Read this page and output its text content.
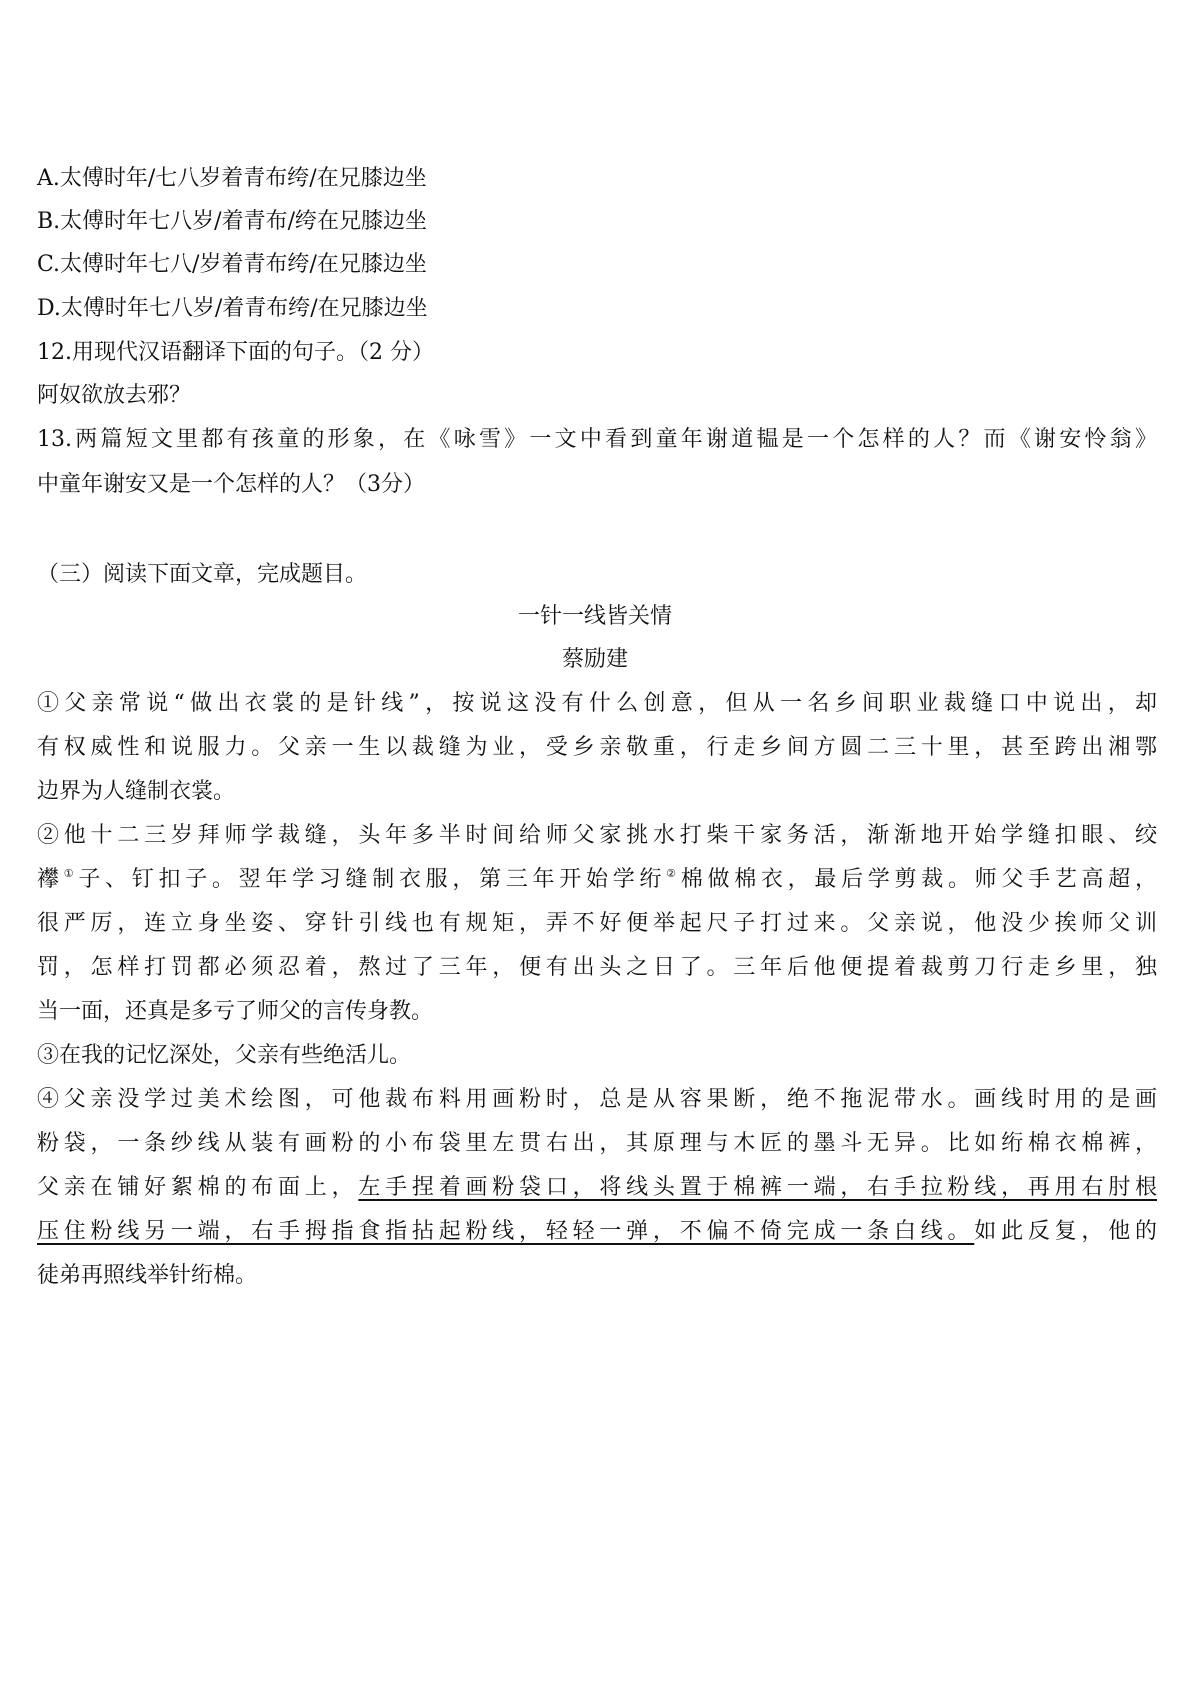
A.太傅时年/七八岁着青布绔/在兄膝边坐
B.太傅时年七八岁/着青布/绔在兄膝边坐
C.太傅时年七八/岁着青布绔/在兄膝边坐
D.太傅时年七八岁/着青布绔/在兄膝边坐
12.用现代汉语翻译下面的句子。（2 分）
阿奴欲放去邪？
13.两篇短文里都有孩童的形象，在《咏雪》一文中看到童年谢道韫是一个怎样的人？而《谢安怜翁》
中童年谢安又是一个怎样的人？（3分）
（三）阅读下面文章，完成题目。
一针一线皆关情
蔡励建
①父亲常说“做出衣裳的是针线”，按说这没有什么创意，但从一名乡间职业裁缝口中说出，却
有权威性和说服力。父亲一生以裁缝为业，受乡亲敬重，行走乡间方圆二三十里，甚至跨出湘鄂
边界为人缝制衣裳。
②他十二三岁拜师学裁缝，头年多半时间给师父家挑水打柴干家务活，渐渐地开始学缝扣眼、绞
襻①子、钉扣子。翌年学习缝制衣服，第三年开始学绗②棉做棉衣，最后学剪裁。师父手艺高超，
很严厉，连立身坐姿、穿针引线也有规矩，弄不好便举起尺子打过来。父亲说，他没少挨师父训
罚，怎样打罚都必须忍着，熬过了三年，便有出头之日了。三年后他便提着裁剪刀行走乡里，独
当一面，还真是多亏了师父的言传身教。
③在我的记忆深处，父亲有些绝活儿。
④父亲没学过美术绘图，可他裁布料用画粉时，总是从容果断，绝不拖泥带水。画线时用的是画
粉袋，一条纱线从装有画粉的小布袋里左贯右出，其原理与木匠的墨斗无异。比如绗棉衣棉裤，
父亲在铺好絮棉的布面上，左手捏着画粉袋口，将线头置于棉裤一端，右手拉粉线，再用右肘根
压住粉线另一端，右手拇指食指拈起粉线，轻轻一弹，不偏不倚完成一条白线。如此反复，他的
徒弟再照线举针绗棉。
